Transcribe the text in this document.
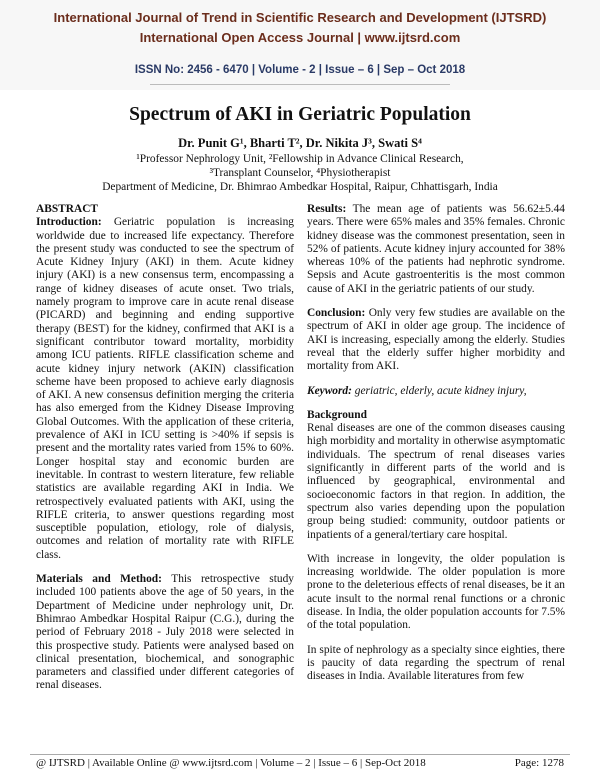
International Journal of Trend in Scientific Research and Development (IJTSRD)
International Open Access Journal | www.ijtsrd.com
ISSN No: 2456 - 6470 | Volume - 2 | Issue – 6 | Sep – Oct 2018
Spectrum of AKI in Geriatric Population
Dr. Punit G¹, Bharti T², Dr. Nikita J³, Swati S⁴
¹Professor Nephrology Unit, ²Fellowship in Advance Clinical Research,
³Transplant Counselor, ⁴Physiotherapist
Department of Medicine, Dr. Bhimrao Ambedkar Hospital, Raipur, Chhattisgarh, India
ABSTRACT

Introduction: Geriatric population is increasing worldwide due to increased life expectancy. Therefore the present study was conducted to see the spectrum of Acute Kidney Injury (AKI) in them. Acute kidney injury (AKI) is a new consensus term, encompassing a range of kidney diseases of acute onset. Two trials, namely program to improve care in acute renal disease (PICARD) and beginning and ending supportive therapy (BEST) for the kidney, confirmed that AKI is a significant contributor toward mortality, morbidity among ICU patients. RIFLE classification scheme and acute kidney injury network (AKIN) classification scheme have been proposed to achieve early diagnosis of AKI. A new consensus definition merging the criteria has also emerged from the Kidney Disease Improving Global Outcomes. With the application of these criteria, prevalence of AKI in ICU setting is >40% if sepsis is present and the mortality rates varied from 15% to 60%. Longer hospital stay and economic burden are inevitable. In contrast to western literature, few reliable statistics are available regarding AKI in India. We retrospectively evaluated patients with AKI, using the RIFLE criteria, to answer questions regarding most susceptible population, etiology, role of dialysis, outcomes and relation of mortality rate with RIFLE class.

Materials and Method: This retrospective study included 100 patients above the age of 50 years, in the Department of Medicine under nephrology unit, Dr. Bhimrao Ambedkar Hospital Raipur (C.G.), during the period of February 2018 - July 2018 were selected in this prospective study. Patients were analysed based on clinical presentation, biochemical, and sonographic parameters and classified under different categories of renal diseases.

Results: The mean age of patients was 56.62±5.44 years. There were 65% males and 35% females. Chronic kidney disease was the commonest presentation, seen in 52% of patients. Acute kidney injury accounted for 38% whereas 10% of the patients had nephrotic syndrome. Sepsis and Acute gastroenteritis is the most common cause of AKI in the geriatric patients of our study.

Conclusion: Only very few studies are available on the spectrum of AKI in older age group. The incidence of AKI is increasing, especially among the elderly. Studies reveal that the elderly suffer higher morbidity and mortality from AKI.

Keyword: geriatric, elderly, acute kidney injury,

Background

Renal diseases are one of the common diseases causing high morbidity and mortality in otherwise asymptomatic individuals. The spectrum of renal diseases varies significantly in different parts of the world and is influenced by geographical, environmental and socioeconomic factors in that region. In addition, the spectrum also varies depending upon the population group being studied: community, outdoor patients or inpatients of a general/tertiary care hospital.

With increase in longevity, the older population is increasing worldwide. The older population is more prone to the deleterious effects of renal diseases, be it an acute insult to the normal renal functions or a chronic disease. In India, the older population accounts for 7.5% of the total population.

In spite of nephrology as a specialty since eighties, there is paucity of data regarding the spectrum of renal diseases in India. Available literatures from few

@ IJTSRD | Available Online @ www.ijtsrd.com | Volume – 2 | Issue – 6 | Sep-Oct 2018	Page: 1278
